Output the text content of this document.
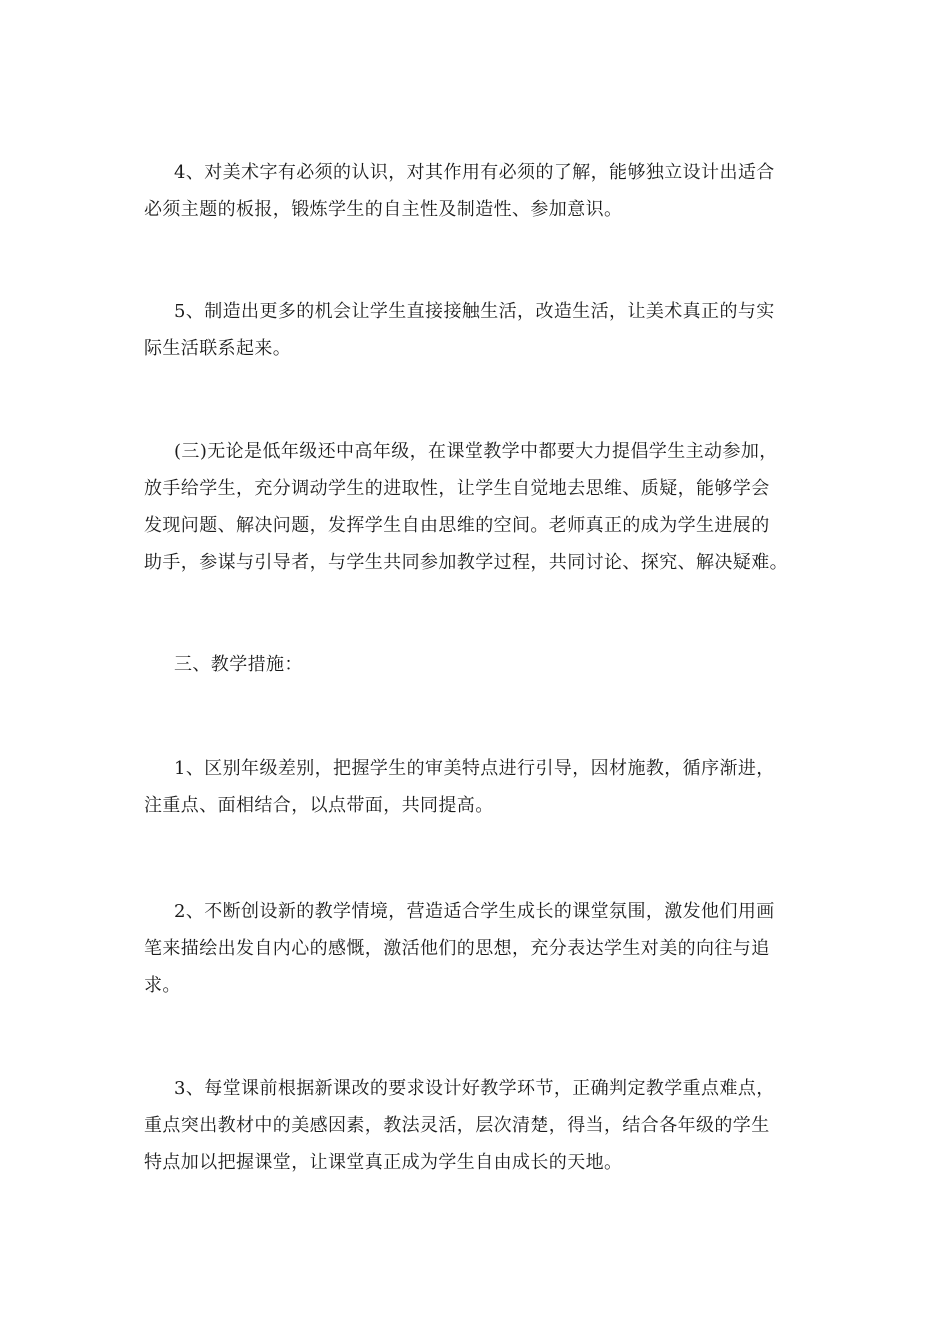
4、对美术字有必须的认识，对其作用有必须的了解，能够独立设计出适合
必须主题的板报，锻炼学生的自主性及制造性、参加意识。
5、制造出更多的机会让学生直接接触生活，改造生活，让美术真正的与实
际生活联系起来。
(三)无论是低年级还中高年级，在课堂教学中都要大力提倡学生主动参加，
放手给学生，充分调动学生的进取性，让学生自觉地去思维、质疑，能够学会
发现问题、解决问题，发挥学生自由思维的空间。老师真正的成为学生进展的
助手，参谋与引导者，与学生共同参加教学过程，共同讨论、探究、解决疑难。
三、教学措施：
1、区别年级差别，把握学生的审美特点进行引导，因材施教，循序渐进，
注重点、面相结合，以点带面，共同提高。
2、不断创设新的教学情境，营造适合学生成长的课堂氛围，激发他们用画
笔来描绘出发自内心的感慨，激活他们的思想，充分表达学生对美的向往与追
求。
3、每堂课前根据新课改的要求设计好教学环节，正确判定教学重点难点，
重点突出教材中的美感因素，教法灵活，层次清楚，得当，结合各年级的学生
特点加以把握课堂，让课堂真正成为学生自由成长的天地。
